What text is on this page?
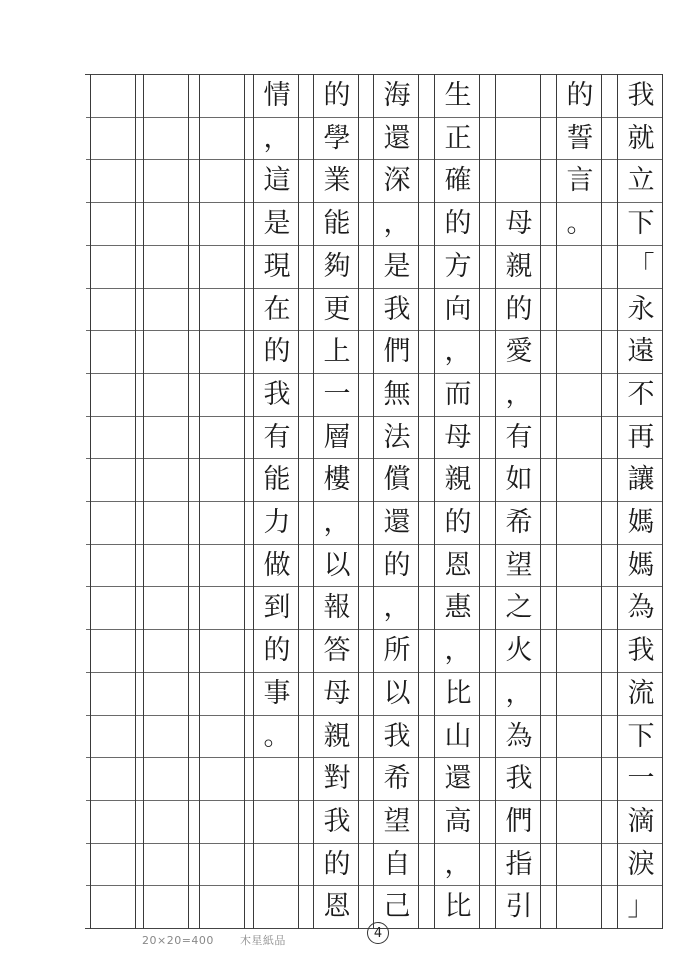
我
就
立
下
「
永
遠
不
再
讓
媽
媽
為
我
流
下
一
滴
淚
」
的
誓
言
。
母
親
的
愛
，
有
如
希
望
之
火
，
為
我
們
指
引
生
正
確
的
方
向
，
而
母
親
的
恩
惠
，
比
山
還
高
，
比
海
還
深
，
是
我
們
無
法
償
還
的
，
所
以
我
希
望
自
己
的
學
業
能
夠
更
上
一
層
樓
，
以
報
答
母
親
對
我
的
恩
情
，
這
是
現
在
的
我
有
能
力
做
到
的
事
。
20×20=400 木星紙品	4
